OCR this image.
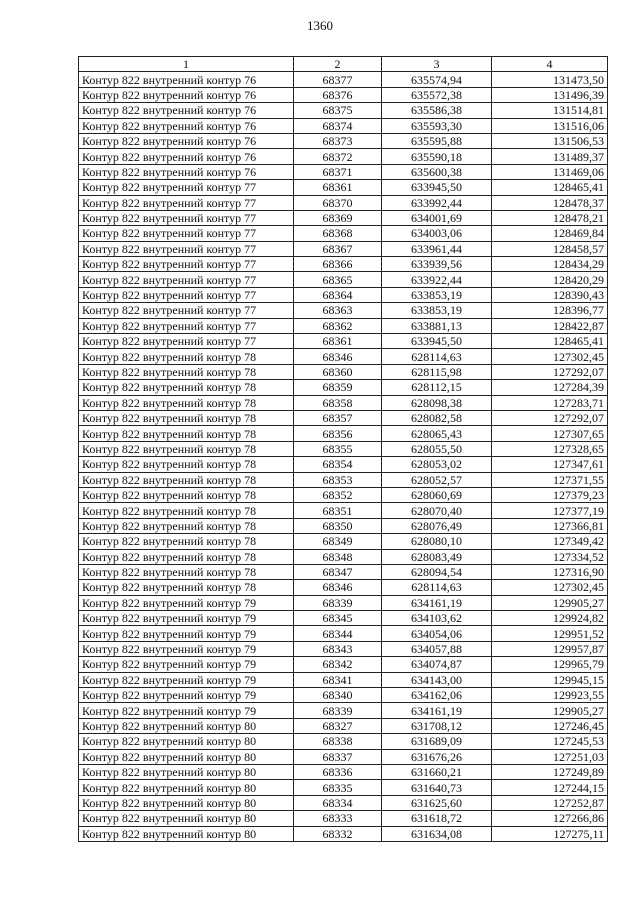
1360
1	2	3	4
Контур 822 внутренний контур 76	68377	635574,94	131473,50
Контур 822 внутренний контур 76	68376	635572,38	131496,39
Контур 822 внутренний контур 76	68375	635586,38	131514,81
Контур 822 внутренний контур 76	68374	635593,30	131516,06
Контур 822 внутренний контур 76	68373	635595,88	131506,53
Контур 822 внутренний контур 76	68372	635590,18	131489,37
Контур 822 внутренний контур 76	68371	635600,38	131469,06
Контур 822 внутренний контур 77	68361	633945,50	128465,41
Контур 822 внутренний контур 77	68370	633992,44	128478,37
Контур 822 внутренний контур 77	68369	634001,69	128478,21
Контур 822 внутренний контур 77	68368	634003,06	128469,84
Контур 822 внутренний контур 77	68367	633961,44	128458,57
Контур 822 внутренний контур 77	68366	633939,56	128434,29
Контур 822 внутренний контур 77	68365	633922,44	128420,29
Контур 822 внутренний контур 77	68364	633853,19	128390,43
Контур 822 внутренний контур 77	68363	633853,19	128396,77
Контур 822 внутренний контур 77	68362	633881,13	128422,87
Контур 822 внутренний контур 77	68361	633945,50	128465,41
Контур 822 внутренний контур 78	68346	628114,63	127302,45
Контур 822 внутренний контур 78	68360	628115,98	127292,07
Контур 822 внутренний контур 78	68359	628112,15	127284,39
Контур 822 внутренний контур 78	68358	628098,38	127283,71
Контур 822 внутренний контур 78	68357	628082,58	127292,07
Контур 822 внутренний контур 78	68356	628065,43	127307,65
Контур 822 внутренний контур 78	68355	628055,50	127328,65
Контур 822 внутренний контур 78	68354	628053,02	127347,61
Контур 822 внутренний контур 78	68353	628052,57	127371,55
Контур 822 внутренний контур 78	68352	628060,69	127379,23
Контур 822 внутренний контур 78	68351	628070,40	127377,19
Контур 822 внутренний контур 78	68350	628076,49	127366,81
Контур 822 внутренний контур 78	68349	628080,10	127349,42
Контур 822 внутренний контур 78	68348	628083,49	127334,52
Контур 822 внутренний контур 78	68347	628094,54	127316,90
Контур 822 внутренний контур 78	68346	628114,63	127302,45
Контур 822 внутренний контур 79	68339	634161,19	129905,27
Контур 822 внутренний контур 79	68345	634103,62	129924,82
Контур 822 внутренний контур 79	68344	634054,06	129951,52
Контур 822 внутренний контур 79	68343	634057,88	129957,87
Контур 822 внутренний контур 79	68342	634074,87	129965,79
Контур 822 внутренний контур 79	68341	634143,00	129945,15
Контур 822 внутренний контур 79	68340	634162,06	129923,55
Контур 822 внутренний контур 79	68339	634161,19	129905,27
Контур 822 внутренний контур 80	68327	631708,12	127246,45
Контур 822 внутренний контур 80	68338	631689,09	127245,53
Контур 822 внутренний контур 80	68337	631676,26	127251,03
Контур 822 внутренний контур 80	68336	631660,21	127249,89
Контур 822 внутренний контур 80	68335	631640,73	127244,15
Контур 822 внутренний контур 80	68334	631625,60	127252,87
Контур 822 внутренний контур 80	68333	631618,72	127266,86
Контур 822 внутренний контур 80	68332	631634,08	127275,11
